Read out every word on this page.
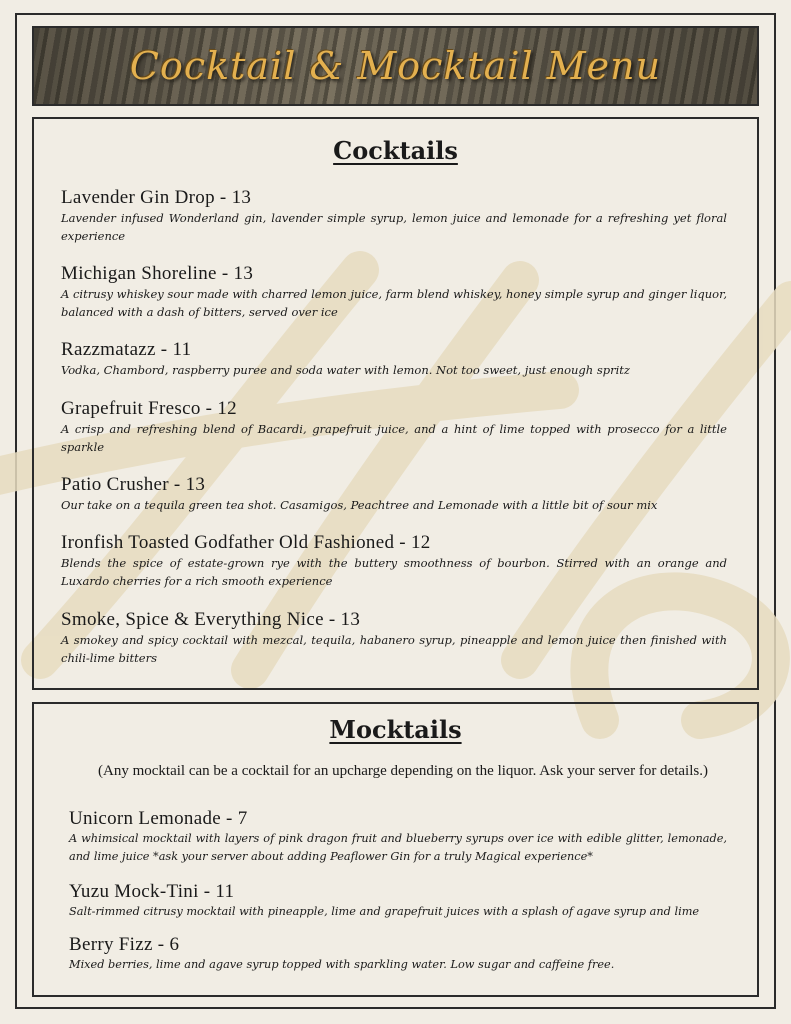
Cocktail & Mocktail Menu
Cocktails
Lavender Gin Drop - 13
Lavender infused Wonderland gin, lavender simple syrup, lemon juice and lemonade for a refreshing yet floral experience
Michigan Shoreline - 13
A citrusy whiskey sour made with charred lemon juice, farm blend whiskey, honey simple syrup and ginger liquor, balanced with a dash of bitters, served over ice
Razzmatazz - 11
Vodka, Chambord, raspberry puree and soda water with lemon. Not too sweet, just enough spritz
Grapefruit Fresco - 12
A crisp and refreshing blend of Bacardi, grapefruit juice, and a hint of lime topped with prosecco for a little sparkle
Patio Crusher - 13
Our take on a tequila green tea shot. Casamigos, Peachtree and Lemonade with a little bit of sour mix
Ironfish Toasted Godfather Old Fashioned - 12
Blends the spice of estate-grown rye with the buttery smoothness of bourbon. Stirred with an orange and Luxardo cherries for a rich smooth experience
Smoke, Spice & Everything Nice - 13
A smokey and spicy cocktail with mezcal, tequila, habanero syrup, pineapple and lemon juice then finished with chili-lime bitters
Mocktails
(Any mocktail can be a cocktail for an upcharge depending on the liquor. Ask your server for details.)
Unicorn Lemonade - 7
A whimsical mocktail with layers of pink dragon fruit and blueberry syrups over ice with edible glitter, lemonade, and lime juice *ask your server about adding Peaflower Gin for a truly Magical experience*
Yuzu Mock-Tini - 11
Salt-rimmed citrusy mocktail with pineapple, lime and grapefruit juices with a splash of agave syrup and lime
Berry Fizz - 6
Mixed berries, lime and agave syrup topped with sparkling water. Low sugar and caffeine free.
